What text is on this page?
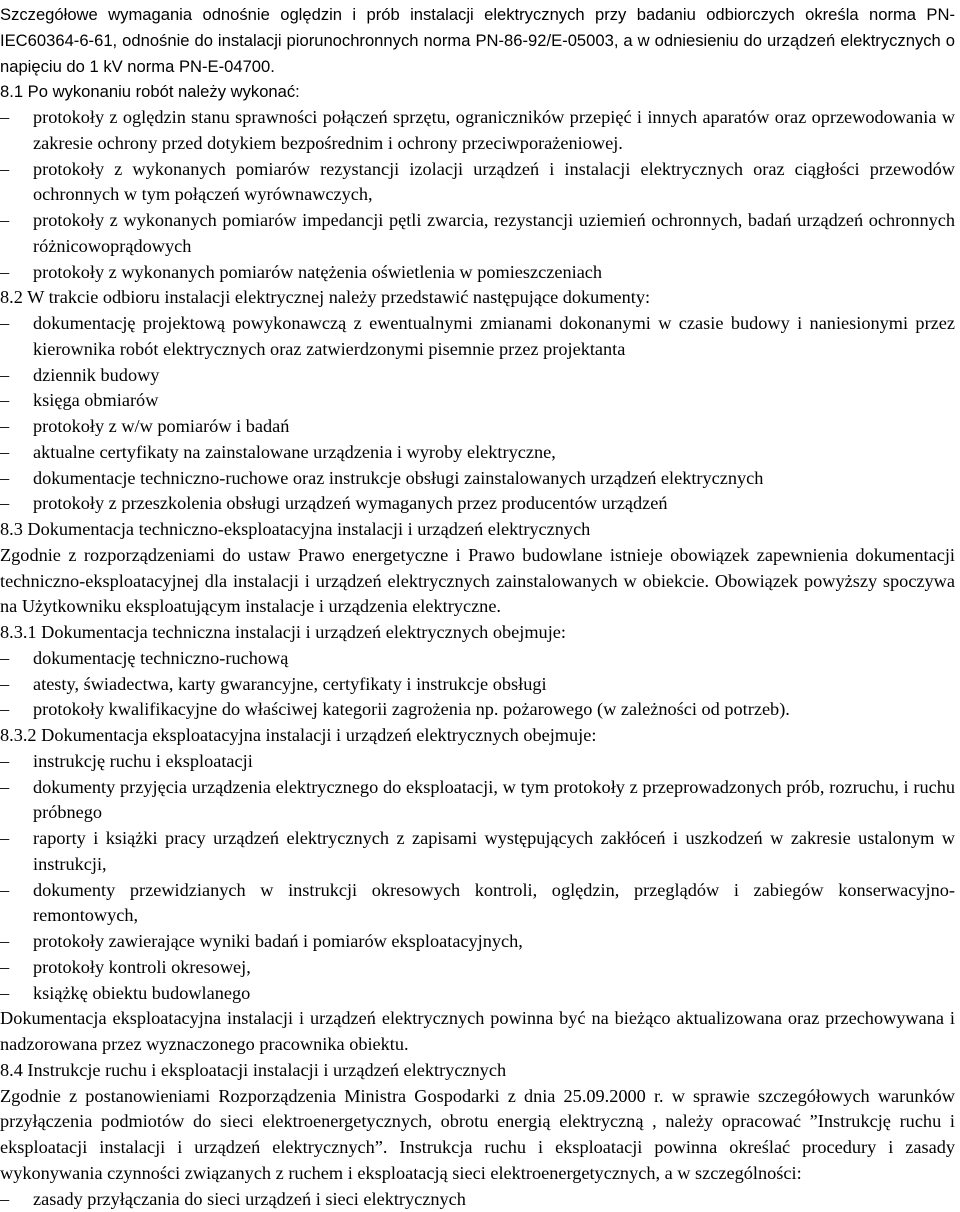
Szczegółowe wymagania odnośnie oględzin i prób instalacji elektrycznych przy badaniu odbiorczych określa norma PN-IEC60364-6-61, odnośnie do instalacji piorunochronnych norma PN-86-92/E-05003, a w odniesieniu do urządzeń elektrycznych o napięciu do 1 kV norma PN-E-04700.
8.1 Po wykonaniu robót należy wykonać:
–	protokoły z oględzin stanu sprawności połączeń sprzętu, ograniczników przepięć i innych aparatów oraz oprzewodowania w zakresie ochrony przed dotykiem bezpośrednim i ochrony przeciwporażeniowej.
–	protokoły z wykonanych pomiarów rezystancji izolacji urządzeń i instalacji elektrycznych oraz ciągłości przewodów ochronnych w tym połączeń wyrównawczych,
–	protokoły z wykonanych pomiarów impedancji pętli zwarcia, rezystancji uziemień ochronnych, badań urządzeń ochronnych różnicowoprądowych
–	protokoły z wykonanych pomiarów natężenia oświetlenia w pomieszczeniach
8.2 W trakcie odbioru instalacji elektrycznej należy przedstawić następujące dokumenty:
–	dokumentację projektową powykonawczą z ewentualnymi zmianami dokonanymi w czasie budowy i naniesionymi przez kierownika robót elektrycznych oraz zatwierdzonymi pisemnie przez projektanta
–	dziennik budowy
–	księga obmiarów
–	protokoły z w/w pomiarów i badań
–	aktualne certyfikaty na zainstalowane urządzenia i wyroby elektryczne,
–	dokumentacje techniczno-ruchowe oraz instrukcje obsługi zainstalowanych urządzeń elektrycznych
–	protokoły z przeszkolenia obsługi urządzeń wymaganych przez producentów urządzeń
8.3 Dokumentacja techniczno-eksploatacyjna instalacji i urządzeń elektrycznych
Zgodnie z rozporządzeniami do ustaw Prawo energetyczne i Prawo budowlane istnieje obowiązek zapewnienia dokumentacji techniczno-eksploatacyjnej dla instalacji i urządzeń elektrycznych zainstalowanych w obiekcie. Obowiązek powyższy spoczywa na Użytkowniku eksploatującym instalacje i urządzenia elektryczne.
8.3.1 Dokumentacja techniczna instalacji i urządzeń elektrycznych obejmuje:
–	dokumentację techniczno-ruchową
–	atesty, świadectwa, karty gwarancyjne, certyfikaty i instrukcje obsługi
–	protokoły kwalifikacyjne do właściwej kategorii zagrożenia np. pożarowego (w zależności od potrzeb).
8.3.2 Dokumentacja eksploatacyjna instalacji i urządzeń elektrycznych obejmuje:
–	instrukcję ruchu i eksploatacji
–	dokumenty przyjęcia urządzenia elektrycznego do eksploatacji, w tym protokoły z przeprowadzonych prób, rozruchu, i ruchu próbnego
–	raporty i książki pracy urządzeń elektrycznych z zapisami występujących zakłóceń i uszkodzeń w zakresie ustalonym w instrukcji,
–	dokumenty przewidzianych w instrukcji okresowych kontroli, oględzin, przeglądów i zabiegów konserwacyjno-remontowych,
–	protokoły zawierające wyniki badań i pomiarów eksploatacyjnych,
–	protokoły kontroli okresowej,
–	książkę obiektu budowlanego
Dokumentacja eksploatacyjna instalacji i urządzeń elektrycznych powinna być na bieżąco aktualizowana oraz przechowywana i nadzorowana przez wyznaczonego pracownika obiektu.
8.4 Instrukcje ruchu i eksploatacji instalacji i urządzeń elektrycznych
Zgodnie z postanowieniami Rozporządzenia Ministra Gospodarki z dnia 25.09.2000 r. w sprawie szczegółowych warunków przyłączenia podmiotów do sieci elektroenergetycznych, obrotu energią elektryczną , należy opracować ”Instrukcję ruchu i eksploatacji instalacji i urządzeń elektrycznych”. Instrukcja ruchu i eksploatacji powinna określać procedury i zasady wykonywania czynności związanych z ruchem i eksploatacją sieci elektroenergetycznych, a w szczególności:
–	zasady przyłączania do sieci urządzeń i sieci elektrycznych
